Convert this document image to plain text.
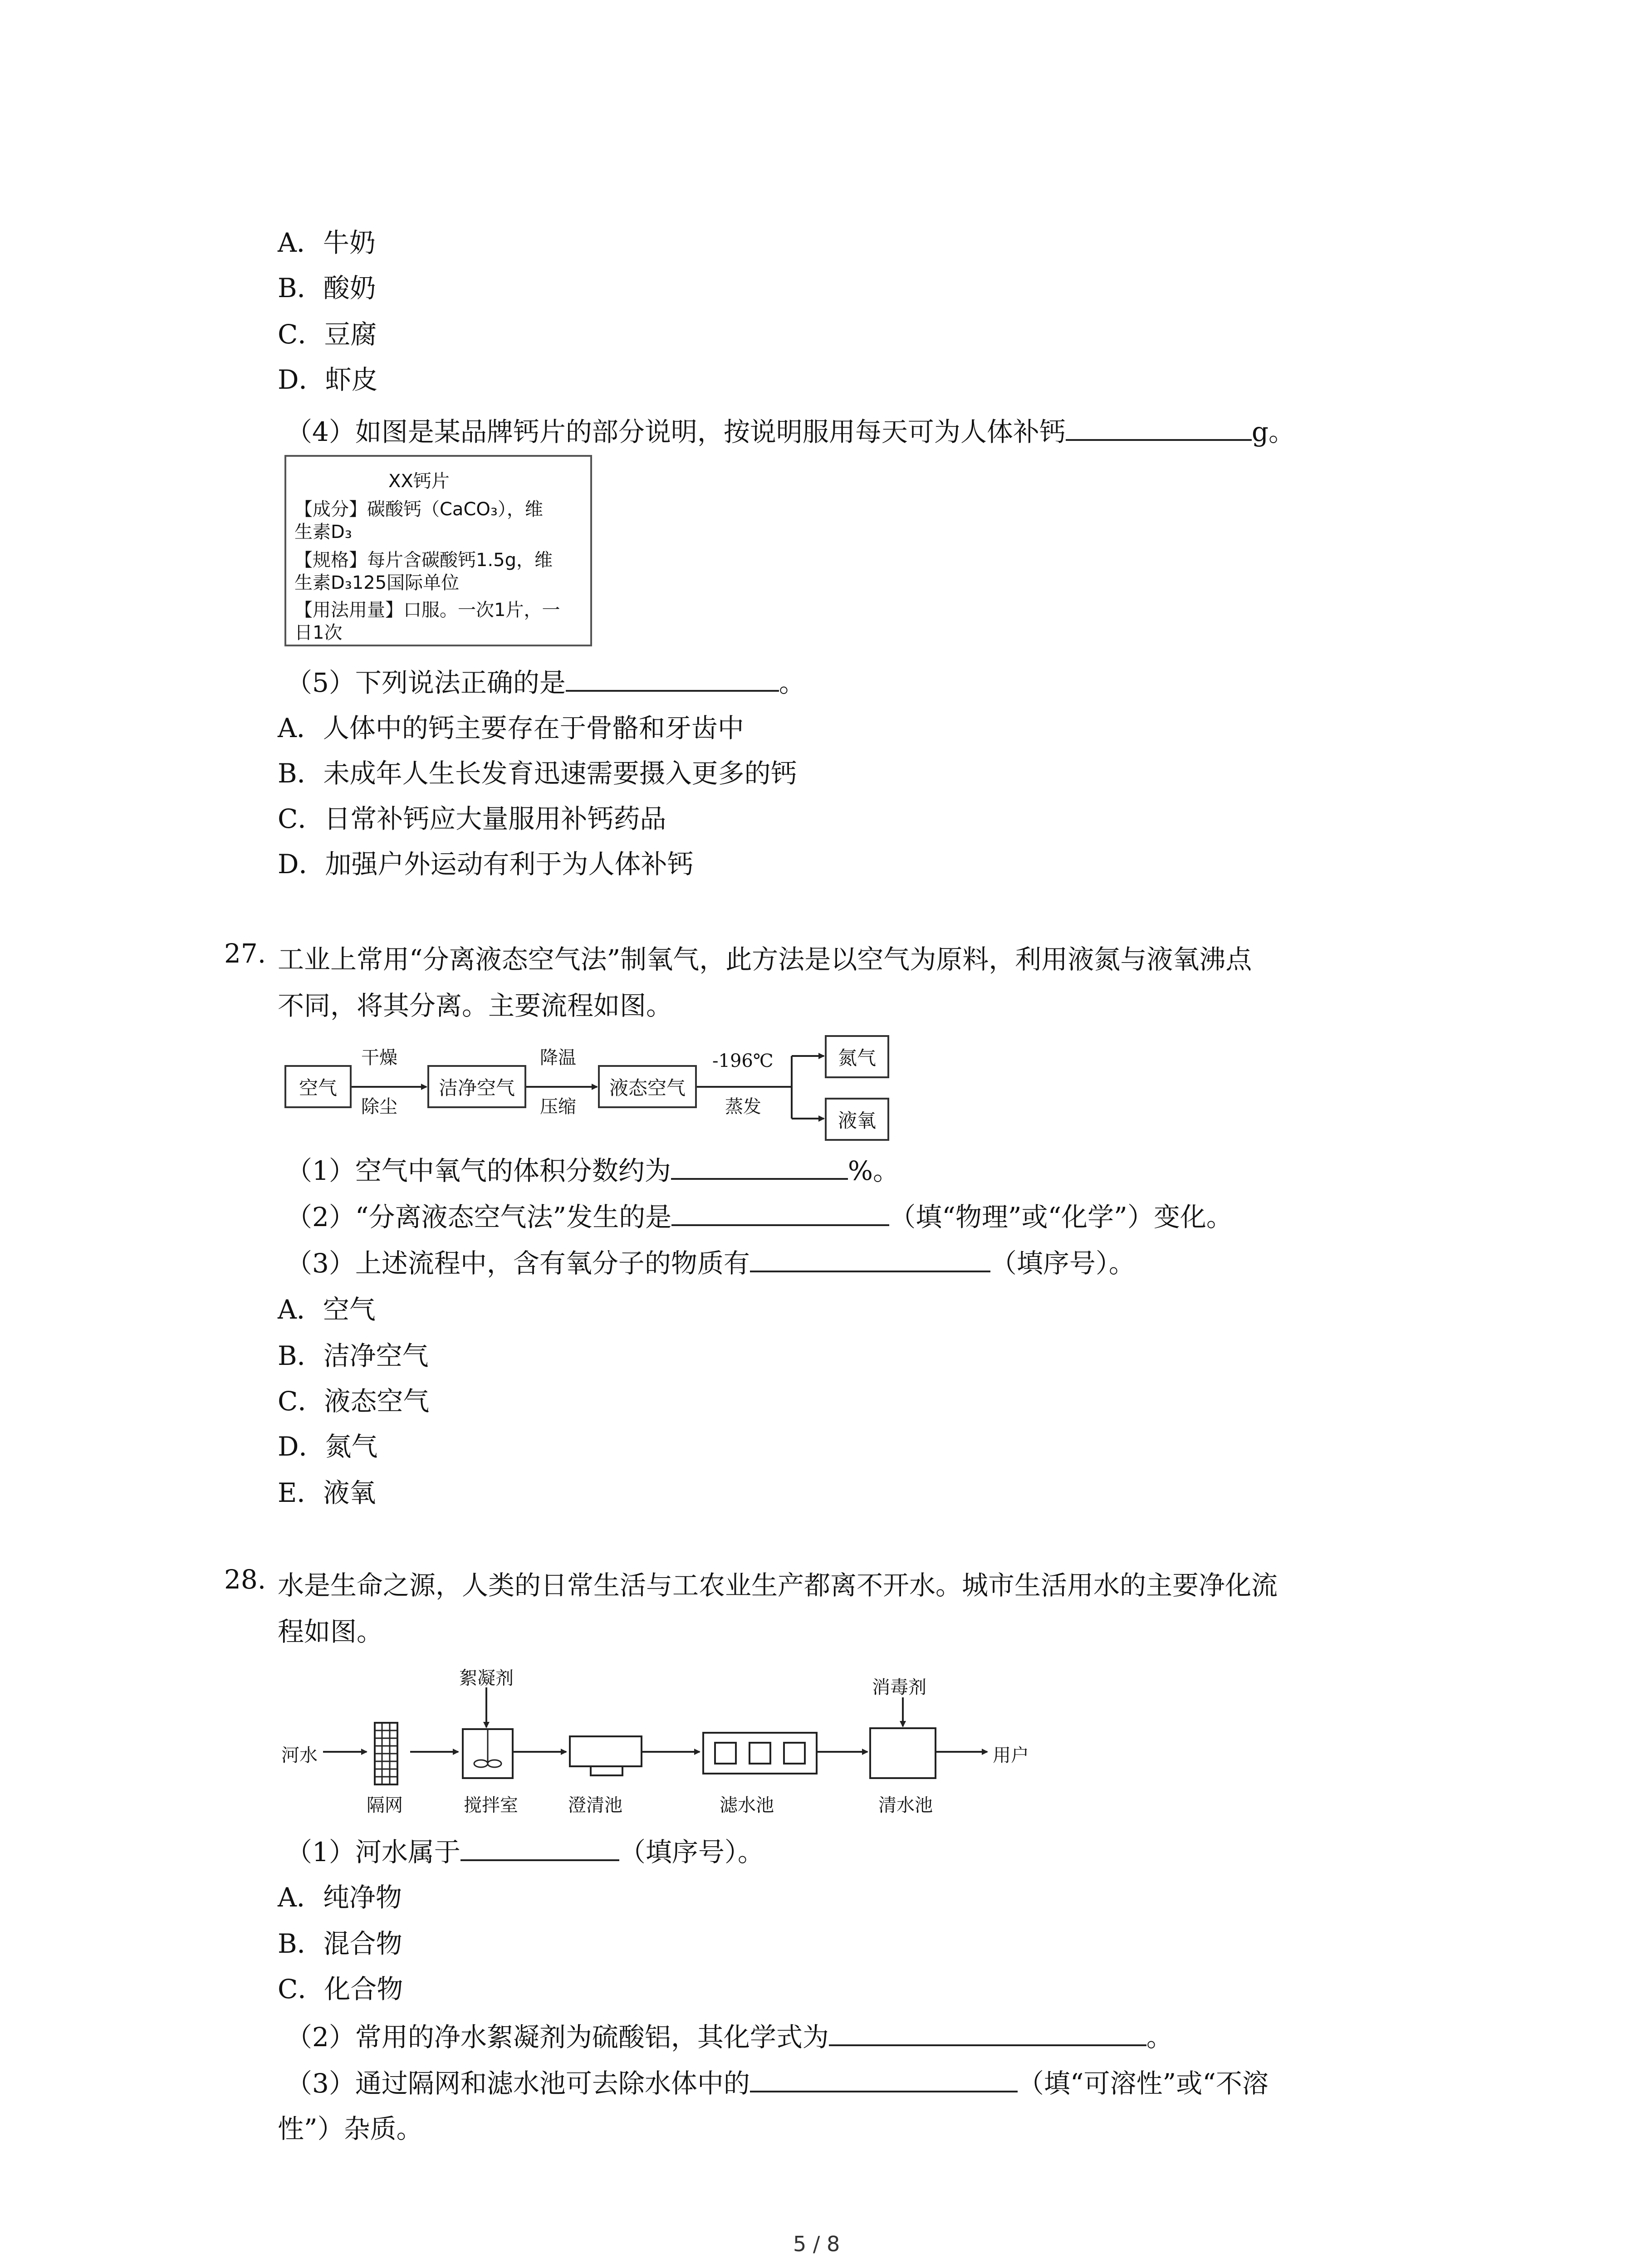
A．牛奶
B．酸奶
C．豆腐
D．虾皮
（4）如图是某品牌钙片的部分说明，按说明服用每天可为人体补钙	g。
XX钙片
【成分】碳酸钙（CaCO₃），维
生素D₃
【规格】每片含碳酸钙1.5g，维
生素D₃125国际单位
【用法用量】口服。一次1片，一
日1次
（5）下列说法正确的是	。
A．人体中的钙主要存在于骨骼和牙齿中
B．未成年人生长发育迅速需要摄入更多的钙
C．日常补钙应大量服用补钙药品
D．加强户外运动有利于为人体补钙
27. 工业上常用“分离液态空气法”制氧气，此方法是以空气为原料，利用液氮与液氧沸点
不同，将其分离。主要流程如图。
空气	洁净空气	液态空气
氮气
液氧
干燥
除尘
降温
压缩
-196℃
蒸发
（1）空气中氧气的体积分数约为	%。
（2）“分离液态空气法”发生的是	（填“物理”或“化学”）变化。
（3）上述流程中，含有氧分子的物质有	（填序号）。
A．空气
B．洁净空气
C．液态空气
D．氮气
E．液氧
28. 水是生命之源，人类的日常生活与工农业生产都离不开水。城市生活用水的主要净化流
程如图。
河水
隔网
絮凝剂
搅拌室	澄清池	滤水池
消毒剂
清水池
用户
（1）河水属于	（填序号）。
A．纯净物
B．混合物
C．化合物
（2）常用的净水絮凝剂为硫酸铝，其化学式为	。
（3）通过隔网和滤水池可去除水体中的	（填“可溶性”或“不溶
性”）杂质。
5 / 8
